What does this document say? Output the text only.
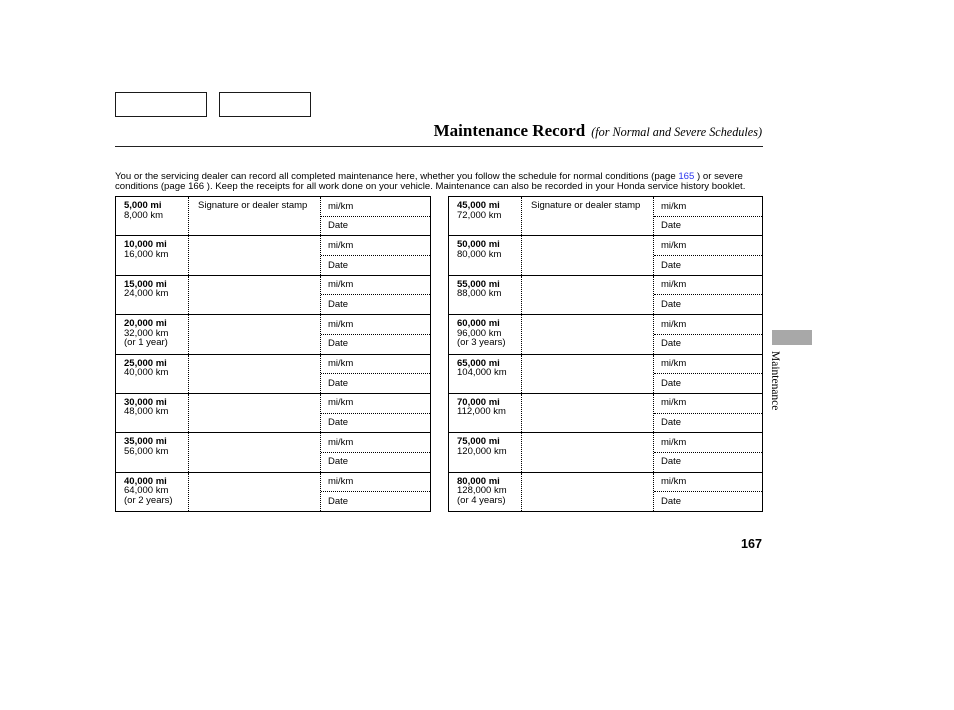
Maintenance Record (for Normal and Severe Schedules)
You or the servicing dealer can record all completed maintenance here, whether you follow the schedule for normal conditions (page 165 ) or severe
conditions (page 166 ). Keep the receipts for all work done on your vehicle. Maintenance can also be recorded in your Honda service history booklet.
5,000 mi
8,000 km
Signature or dealer stamp	mi/km
Date
10,000 mi
16,000 km
mi/km
Date
15,000 mi
24,000 km
mi/km
Date
20,000 mi
32,000 km
(or 1 year)
mi/km
Date
25,000 mi
40,000 km
mi/km
Date
30,000 mi
48,000 km
mi/km
Date
35,000 mi
56,000 km
mi/km
Date
40,000 mi
64,000 km
(or 2 years)
mi/km
Date
45,000 mi
72,000 km
Signature or dealer stamp	mi/km
Date
50,000 mi
80,000 km
mi/km
Date
55,000 mi
88,000 km
mi/km
Date
60,000 mi
96,000 km
(or 3 years)
mi/km
Date
65,000 mi
104,000 km
mi/km
Date
70,000 mi
112,000 km
mi/km
Date
75,000 mi
120,000 km
mi/km
Date
80,000 mi
128,000 km
(or 4 years)
mi/km
Date
Maintenance
167
